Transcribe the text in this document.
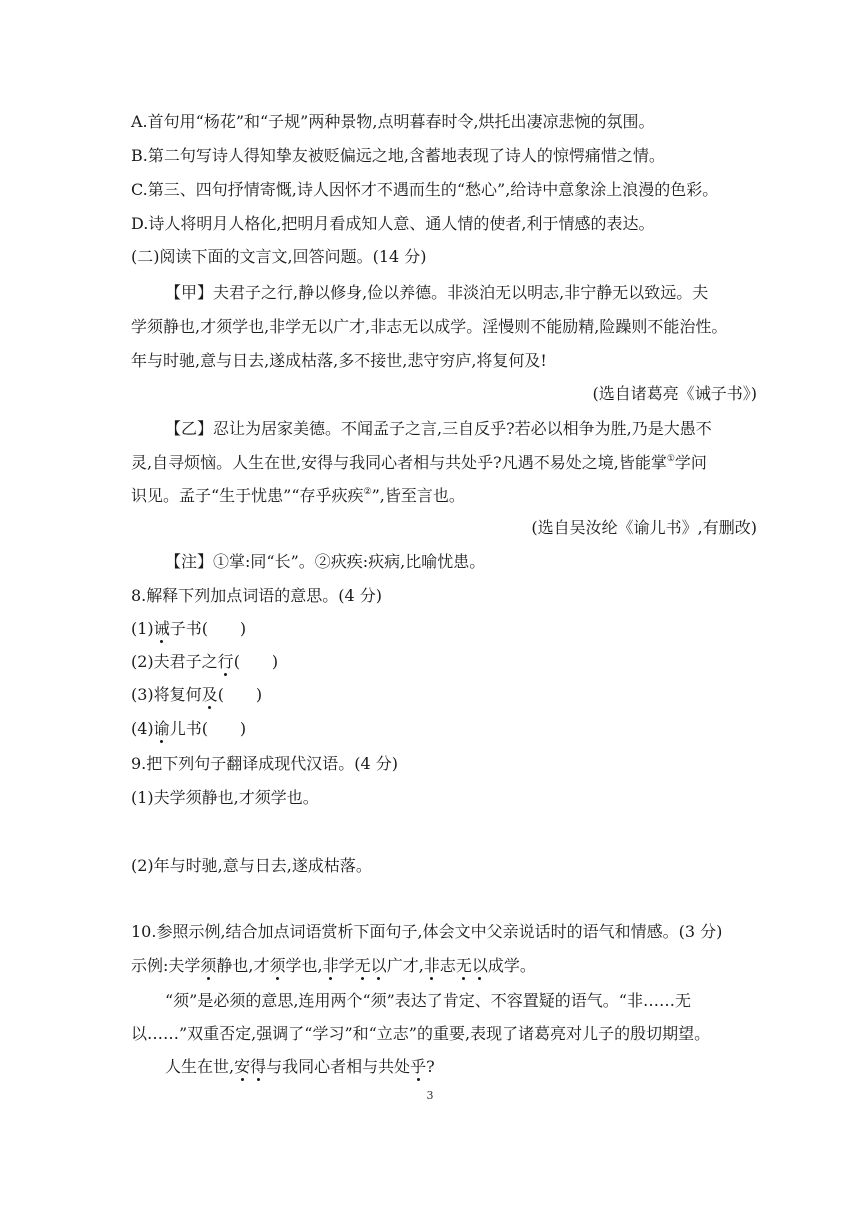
A.首句用“杨花”和“子规”两种景物,点明暮春时令,烘托出凄凉悲惋的氛围。
B.第二句写诗人得知挚友被贬偏远之地,含蓄地表现了诗人的惊愕痛惜之情。
C.第三、四句抒情寄慨,诗人因怀才不遇而生的“愁心”,给诗中意象涂上浪漫的色彩。
D.诗人将明月人格化,把明月看成知人意、通人情的使者,利于情感的表达。
(二)阅读下面的文言文,回答问题。(14 分)
【甲】夫君子之行,静以修身,俭以养德。非淡泊无以明志,非宁静无以致远。夫
学须静也,才须学也,非学无以广才,非志无以成学。淫慢则不能励精,险躁则不能治性。
年与时驰,意与日去,遂成枯落,多不接世,悲守穷庐,将复何及!
(选自诸葛亮《诫子书》)
【乙】忍让为居家美德。不闻孟子之言,三自反乎?若必以相争为胜,乃是大愚不
灵,自寻烦恼。人生在世,安得与我同心者相与共处乎?凡遇不易处之境,皆能掌①学问
识见。孟子“生于忧患”“存乎疢疾②”,皆至言也。
(选自吴汝纶《谕儿书》,有删改)
【注】①掌:同“长”。②疢疾:疢病,比喻忧患。
8.解释下列加点词语的意思。(4 分)
(1)诫子书(　　)
(2)夫君子之行(　　)
(3)将复何及(　　)
(4)谕儿书(　　)
9.把下列句子翻译成现代汉语。(4 分)
(1)夫学须静也,才须学也。
(2)年与时驰,意与日去,遂成枯落。
10.参照示例,结合加点词语赏析下面句子,体会文中父亲说话时的语气和情感。(3 分)
示例:夫学须静也,才须学也,非学无以广才,非志无以成学。
“须”是必须的意思,连用两个“须”表达了肯定、不容置疑的语气。“非……无
以……”双重否定,强调了“学习”和“立志”的重要,表现了诸葛亮对儿子的殷切期望。
人生在世,安得与我同心者相与共处乎?
3
